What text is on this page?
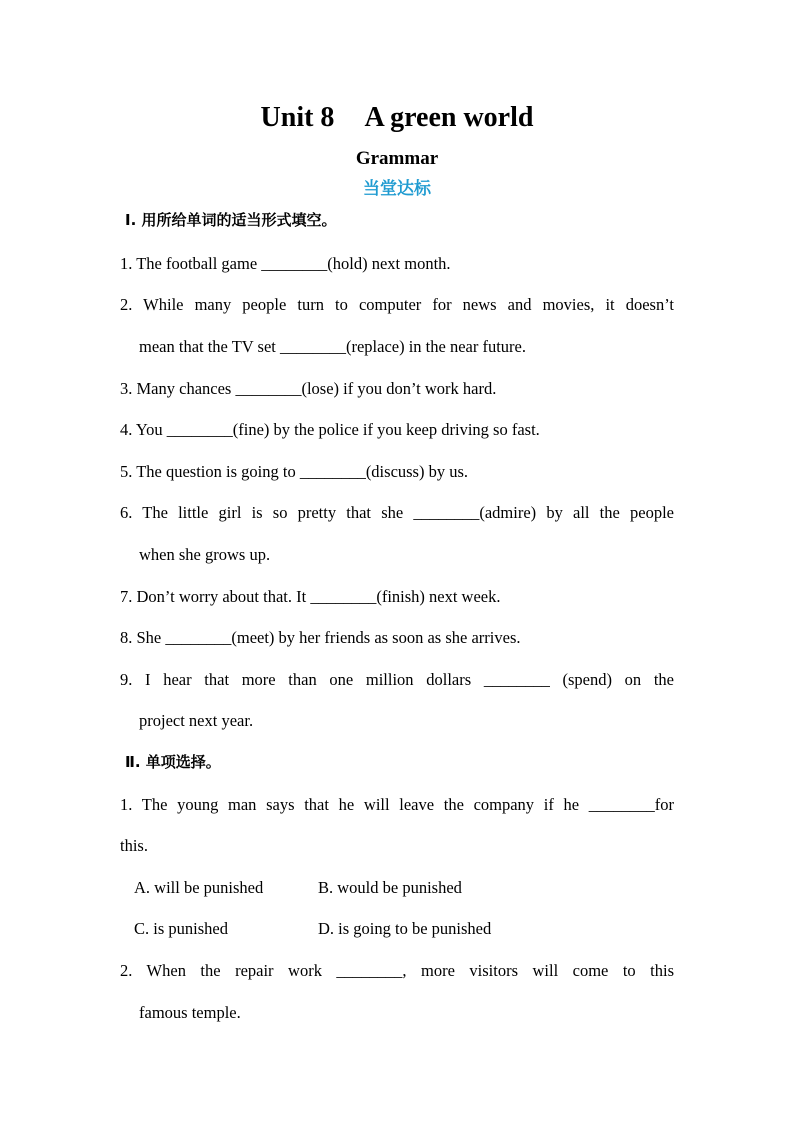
Unit 8 A green world
Grammar
当堂达标
Ⅰ. 用所给单词的适当形式填空。
1. The football game ________(hold) next month.
2. While many people turn to computer for news and movies, it doesn’t
mean that the TV set ________(replace) in the near future.
3. Many chances ________(lose) if you don’t work hard.
4. You ________(fine) by the police if you keep driving so fast.
5. The question is going to ________(discuss) by us.
6. The little girl is so pretty that she ________(admire) by all the people
when she grows up.
7. Don’t worry about that. It ________(finish) next week.
8. She ________(meet) by her friends as soon as she arrives.
9. I hear that more than one million dollars ________ (spend) on the
project next year.
Ⅱ. 单项选择。
1. The young man says that he will leave the company if he ________for
this.
A. will be punished	B. would be punished
C. is punished	D. is going to be punished
2. When the repair work ________, more visitors will come to this
famous temple.
